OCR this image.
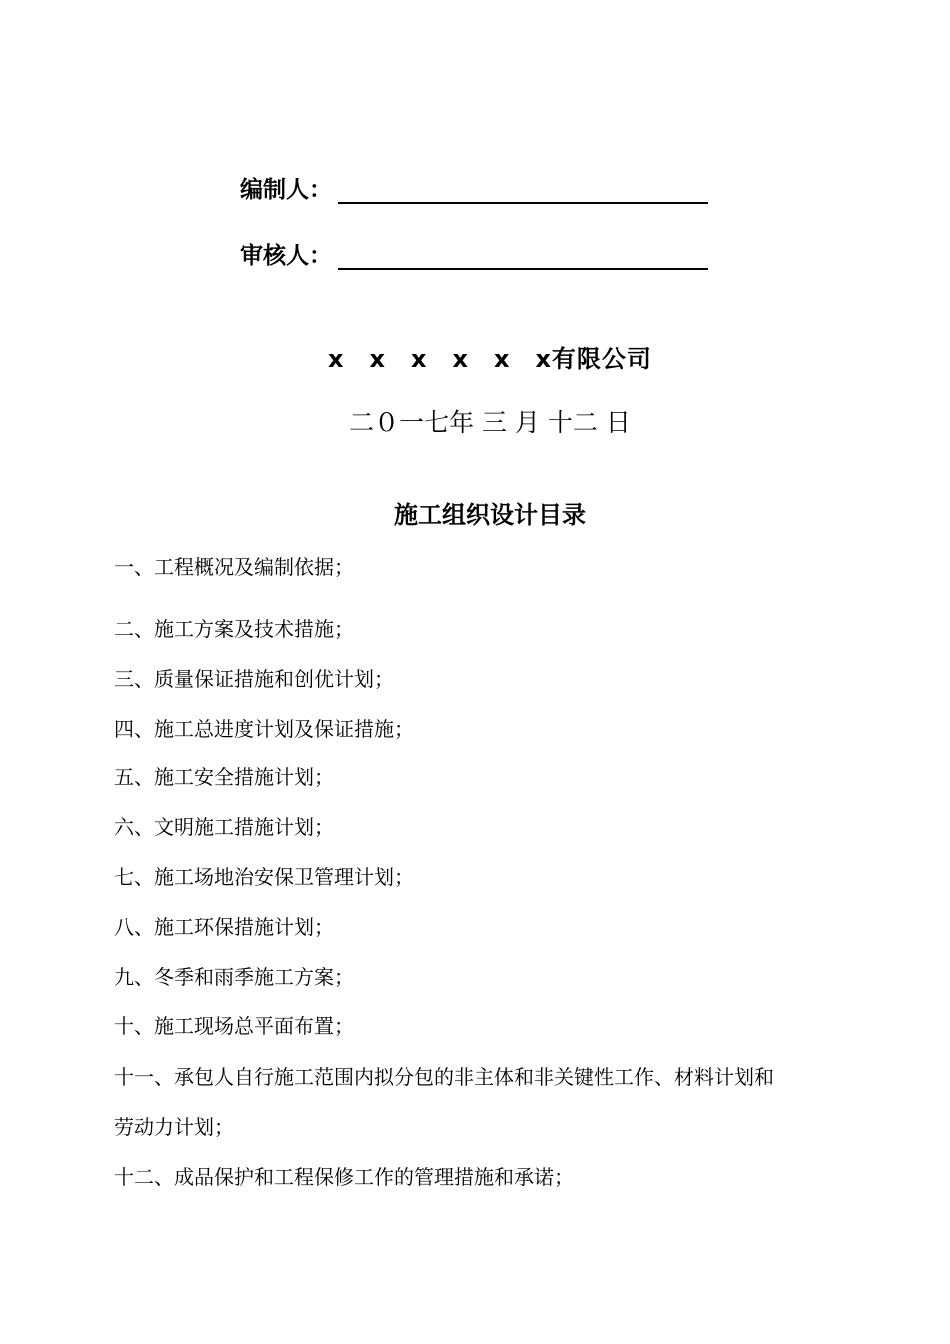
编制人：
审核人：
x　x　x　x　x　x有限公司
二０一七年 三 月 十二 日
施工组织设计目录
一、工程概况及编制依据；
二、施工方案及技术措施；
三、质量保证措施和创优计划；
四、施工总进度计划及保证措施；
五、施工安全措施计划；
六、文明施工措施计划；
七、施工场地治安保卫管理计划；
八、施工环保措施计划；
九、冬季和雨季施工方案；
十、施工现场总平面布置；
十一、承包人自行施工范围内拟分包的非主体和非关键性工作、材料计划和
劳动力计划；
十二、成品保护和工程保修工作的管理措施和承诺；
